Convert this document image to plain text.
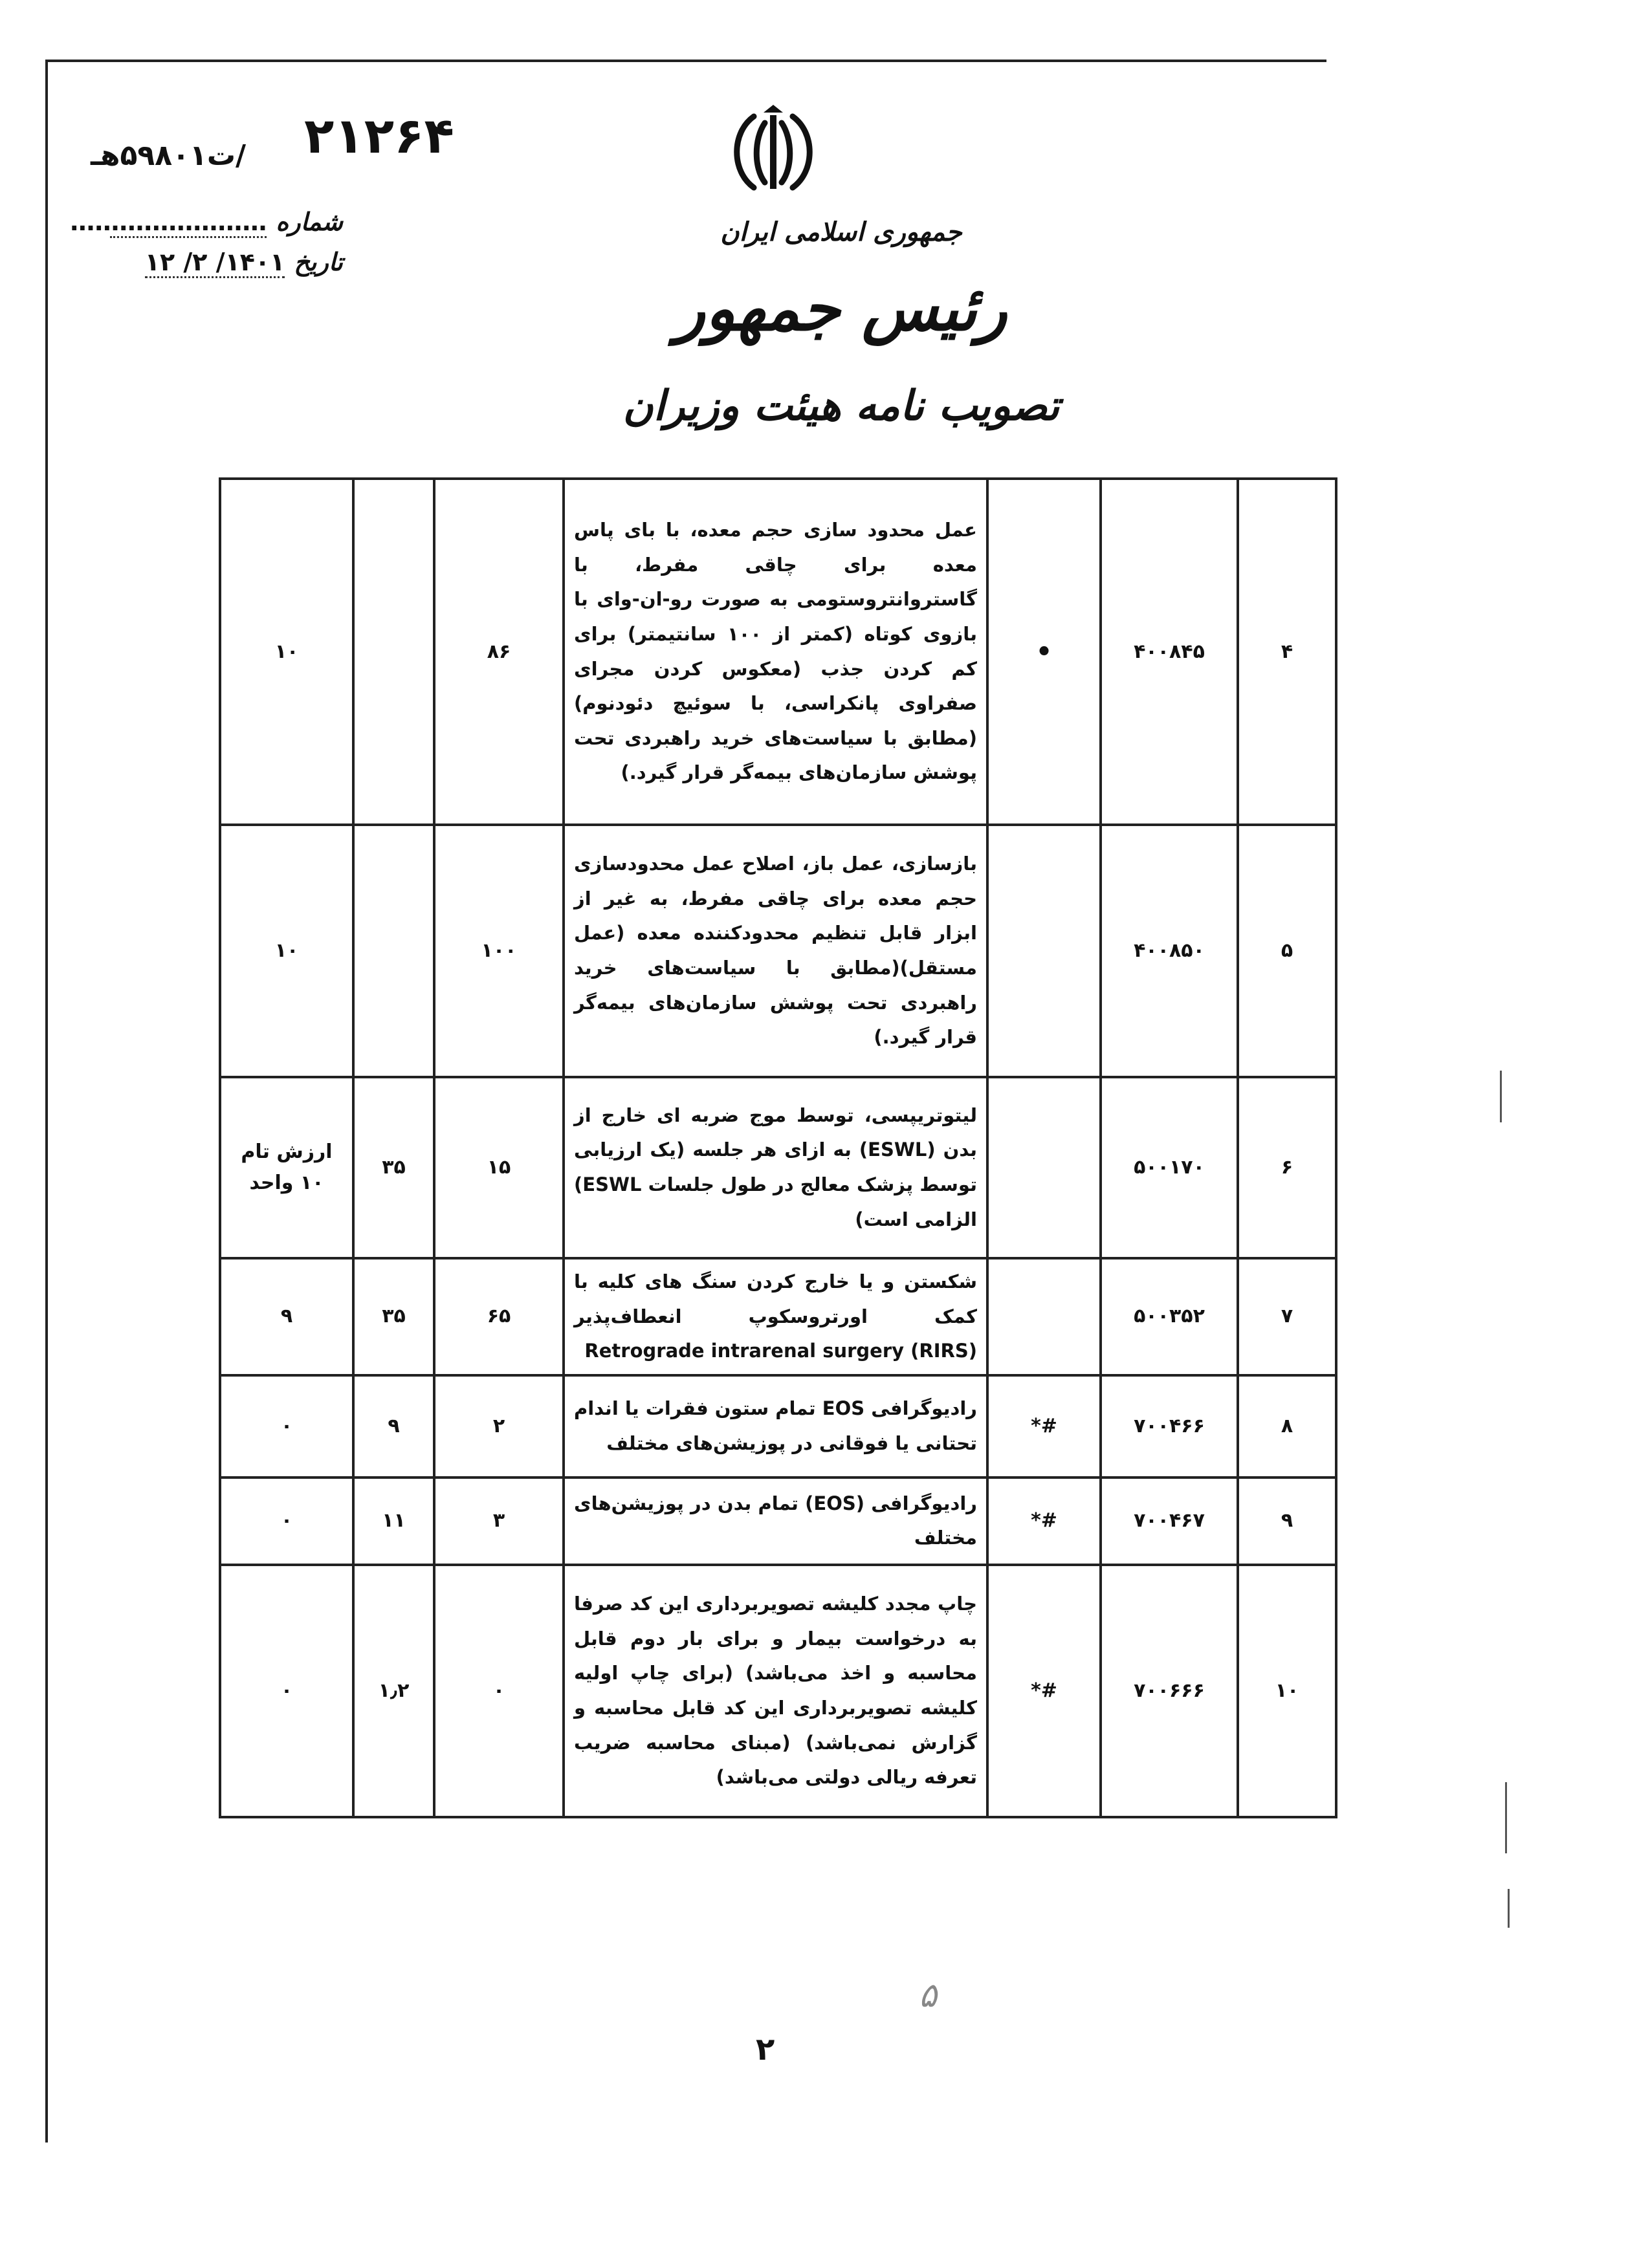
۲۱۲۶۴
/ت۵۹۸۰۱هـ
شماره
……………………
تاریخ
۱۴۰۱/ ۲/ ۱۲
جمهوری اسلامی ایران
رئیس جمهور
تصویب نامه هیئت وزیران
۴	۴۰۰۸۴۵	•	عمل محدود سازی حجم معده، با بای پاس معده برای چاقی مفرط، با گاستروانتروستومی به صورت رو-ان-وای با بازوی کوتاه (کمتر از ۱۰۰ سانتیمتر) برای کم کردن جذب (معکوس کردن مجرای صفراوی پانکراسی، با سوئیچ دئودنوم) (مطابق با سیاست‌های خرید راهبردی تحت پوشش سازمان‌های بیمه‌گر قرار گیرد.)	۸۶		۱۰
۵	۴۰۰۸۵۰		بازسازی، عمل باز، اصلاح عمل محدودسازی حجم معده برای چاقی مفرط، به غیر از ابزار قابل تنظیم محدودکننده معده (عمل مستقل)(مطابق با سیاست‌های خرید راهبردی تحت پوشش سازمان‌های بیمه‌گر قرار گیرد.)	۱۰۰		۱۰
۶	۵۰۰۱۷۰		لیتوتریپسی، توسط موج ضربه ای خارج از بدن (ESWL) به ازای هر جلسه (یک ارزیابی توسط پزشک معالج در طول جلسات ESWL) الزامی است)	۱۵	۳۵	ارزش تام ۱۰ واحد
۷	۵۰۰۳۵۲		شکستن و یا خارج کردن سنگ های کلیه با کمک اورتروسکوپ انعطاف‌پذیر Retrograde intrarenal surgery (RIRS)	۶۵	۳۵	۹
۸	۷۰۰۴۶۶	#*	رادیوگرافی EOS تمام ستون فقرات یا اندام تحتانی یا فوقانی در پوزیشن‌های مختلف	۲	۹	۰
۹	۷۰۰۴۶۷	#*	رادیوگرافی (EOS) تمام بدن در پوزیشن‌های مختلف	۳	۱۱	۰
۱۰	۷۰۰۶۶۶	#*	چاپ مجدد کلیشه تصویربرداری این کد صرفا به درخواست بیمار و برای بار دوم قابل محاسبه و اخذ می‌باشد) (برای چاپ اولیه کلیشه تصویربرداری این کد قابل محاسبه و گزارش نمی‌باشد) (مبنای محاسبه ضریب تعرفه ریالی دولتی می‌باشد)	۰	۱٫۲	۰
۵
۲
